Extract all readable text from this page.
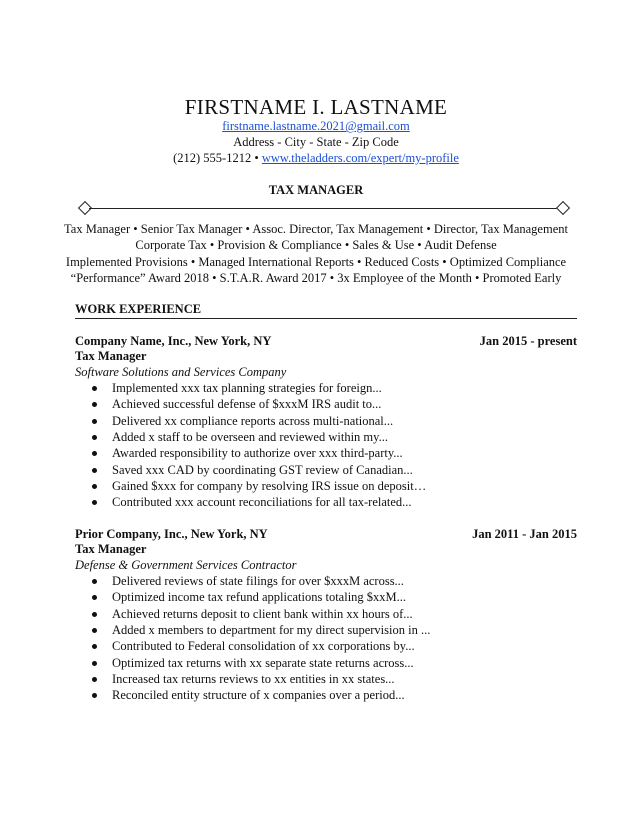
FIRSTNAME I. LASTNAME
firstname.lastname.2021@gmail.com
Address - City - State - Zip Code
(212) 555-1212 • www.theladders.com/expert/my-profile
TAX MANAGER
Tax Manager • Senior Tax Manager • Assoc. Director, Tax Management • Director, Tax Management
Corporate Tax • Provision & Compliance • Sales & Use • Audit Defense
Implemented Provisions • Managed International Reports • Reduced Costs • Optimized Compliance
“Performance” Award 2018 • S.T.A.R. Award 2017 • 3x Employee of the Month • Promoted Early
WORK EXPERIENCE
Company Name, Inc., New York, NY	Jan 2015 - present
Tax Manager
Software Solutions and Services Company
Implemented xxx tax planning strategies for foreign...
Achieved successful defense of $xxxM IRS audit to...
Delivered xx compliance reports across multi-national...
Added x staff to be overseen and reviewed within my...
Awarded responsibility to authorize over xxx third-party...
Saved xxx CAD by coordinating GST review of Canadian...
Gained $xxx for company by resolving IRS issue on deposit…
Contributed xxx account reconciliations for all tax-related...
Prior Company, Inc., New York, NY	Jan 2011 - Jan 2015
Tax Manager
Defense & Government Services Contractor
Delivered reviews of state filings for over $xxxM across...
Optimized income tax refund applications totaling $xxM...
Achieved returns deposit to client bank within xx hours of...
Added x members to department for my direct supervision in ...
Contributed to Federal consolidation of xx corporations by...
Optimized tax returns with xx separate state returns across...
Increased tax returns reviews to xx entities in xx states...
Reconciled entity structure of x companies over a period...
